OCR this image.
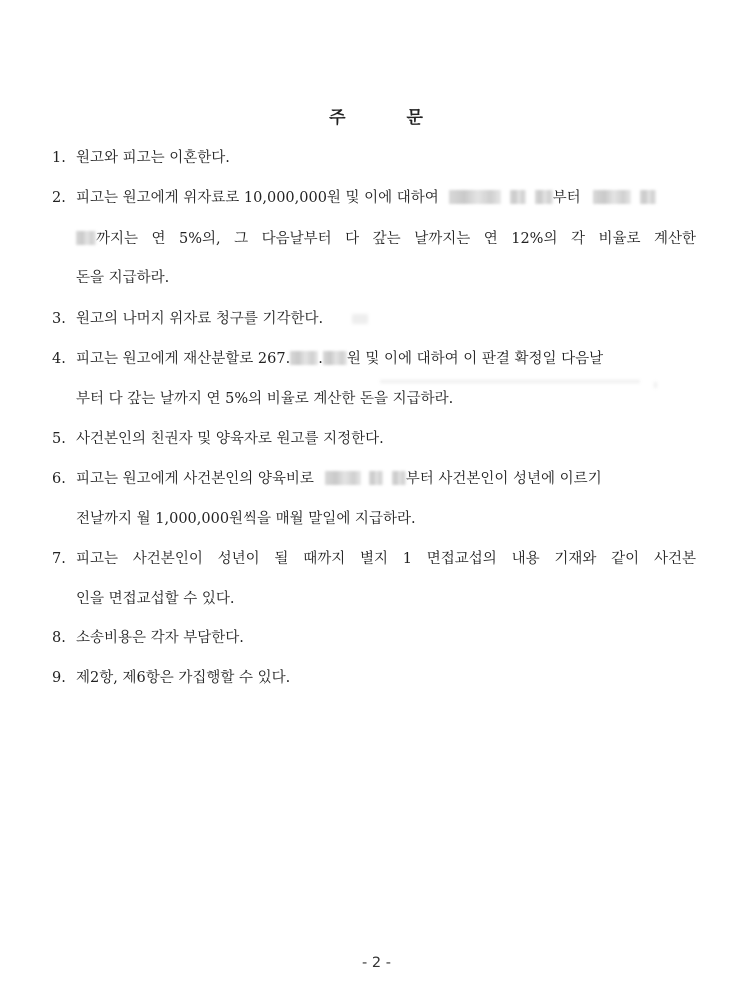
주	문
1. 원고와 피고는 이혼한다.
2. 피고는 원고에게 위자료로 10,000,000원 및 이에 대하여	부터
까지는 연 5%의, 그 다음날부터 다 갚는 날까지는 연 12%의 각 비율로 계산한
돈을 지급하라.
3. 원고의 나머지 위자료 청구를 기각한다.
4. 피고는 원고에게 재산분할로 267. . 원 및 이에 대하여 이 판결 확정일 다음날
부터 다 갚는 날까지 연 5%의 비율로 계산한 돈을 지급하라.
5. 사건본인의 친권자 및 양육자로 원고를 지정한다.
6. 피고는 원고에게 사건본인의 양육비로	부터 사건본인이 성년에 이르기
전날까지 월 1,000,000원씩을 매월 말일에 지급하라.
7. 피고는 사건본인이 성년이 될 때까지 별지 1 면접교섭의 내용 기재와 같이 사건본
인을 면접교섭할 수 있다.
8. 소송비용은 각자 부담한다.
9. 제2항, 제6항은 가집행할 수 있다.
- 2 -
